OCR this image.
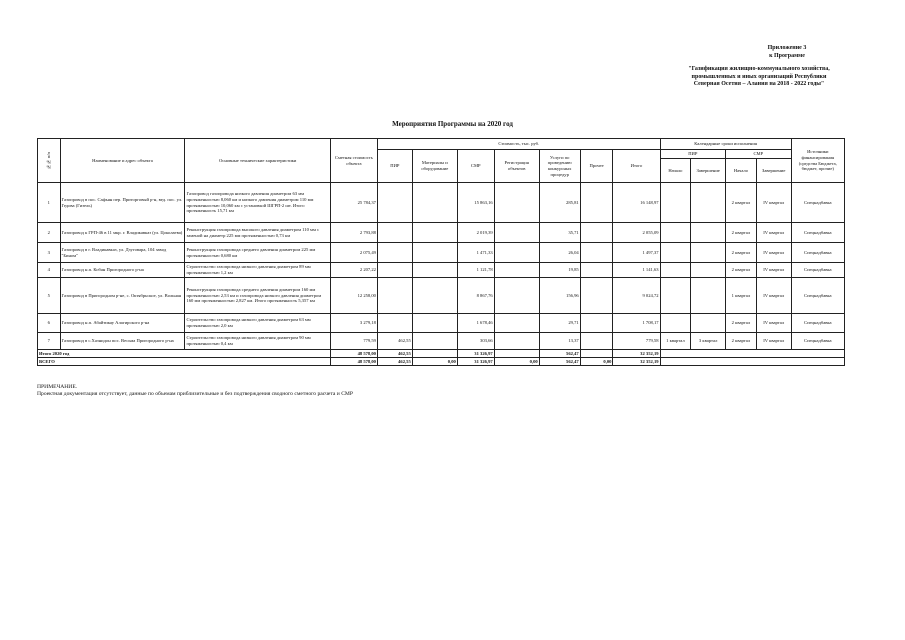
Приложение 3
к Программе
"Газификация жилищно-коммунального хозяйства,
промышленных и иных организаций Республики
Северная Осетия – Алания на 2018 - 2022 годы"
Мероприятия Программы на 2020 год
№№ п/п	Наименование и адрес объекта	Основные технические характеристики	Сметная стоимость объекта	Стоимость, тыс. руб.							Календарные сроки исполнения				Источники финансирования (средства Бюджета, бюджет, прочие)
				ПИР	Материалы и оборудование	СМР	Регистрация объектов	Услуги по проведению конкурсных процедур	Прочее	Итого	ПИР		СМР		
											Начало	Завершение	Начало	Завершение	
1	Газопровод в пос. Сафьян пер. Приторговый р-н, вед. пос. ул. Гедова (Гизель)	Газопровод газопровода низкого давления диаметром 63 мм протяженностью 8,060 км и низкого давления диаметром 110 мм протяженностью 10,060 км с установкой ШГРП-2 шт. Итого протяженность 15,71 км	25 784,37			15 863,16		285,81		16 148,97			2 квартал	IV квартал	Спецнадбавка
2	Газопровод к ГРП-46 в 11 мкр. г. Владикавказ (ул. Цоколаева)	Реконструкция газопровода высокого давления диаметром 110 мм с заменой на диаметр 225 мм протяженностью 0,73 км	2 793,88			2 019,39		35,71		2 055,09			2 квартал	IV квартал	Спецнадбавка
3	Газопровод в г. Владикавказ, ул. Дзуговара, 104 завод "Бином"	Реконструкция газопровода среднего давления диаметром 225 мм протяженностью 0,680 км	2 075,49			1 471,33		26,04		1 497,37			2 квартал	IV квартал	Спецнадбавка
4	Газопровод н.п. Кобан Пригородного р-на	Строительство газопровода низкого давления диаметром 89 мм протяженностью 1,2 км	2 207,22			1 121,78		19,85		1 141,63			2 квартал	IV квартал	Спецнадбавка
5	Газопровод в Пригородном р-не, с. Октябрьское, ул. Вольная	Реконструкция газопровода среднего давления диаметром 160 мм протяженностью 2,53 км и газопровода низкого давления диаметром 160 мм протяженностью 2,827 км. Итого протяженность 5,357 км	12 258,00			8 867,76		156,96		9 024,72			1 квартал	IV квартал	Спецнадбавка
6	Газопровод н.п. Абайтикау Алагирского р-на	Строительство газопровода низкого давления диаметром 63 мм протяженностью 2,0 км	3 279,18			1 678,46		29,71		1 708,17			2 квартал	IV квартал	Спецнадбавка
7	Газопровод в с.Хазнидон пос. Весьма Пригородного р-на	Строительство газопровода низкого давления диаметром 90 мм протяженностью 0,4 км	779,59	462,55		303,66		13,37		779,58	1 квартал	3 квартал	2 квартал	IV квартал	Спецнадбавка
Итого 2020 год			48 578,00	462,55		31 326,97		562,47		32 352,19					
ВСЕГО			48 578,00	462,55	0,00	31 326,97	0,00	562,47	0,00	32 352,19					
ПРИМЕЧАНИЕ.
Проектная документация отсутствует, данные по объемам приблизительные и без подтверждения сводного сметного расчета и СМР
